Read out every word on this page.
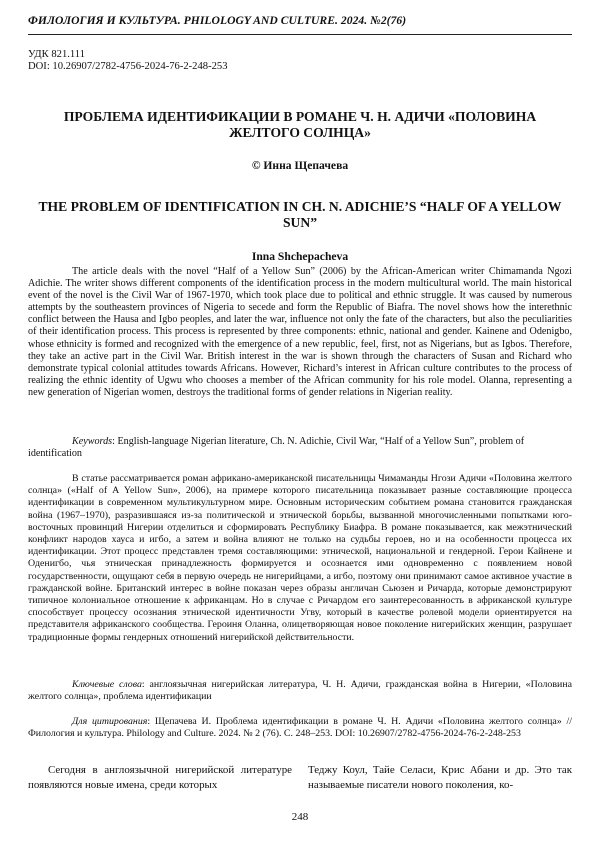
ФИЛОЛОГИЯ И КУЛЬТУРА. PHILOLOGY AND CULTURE. 2024. №2(76)
УДК 821.111
DOI: 10.26907/2782-4756-2024-76-2-248-253
ПРОБЛЕМА ИДЕНТИФИКАЦИИ В РОМАНЕ Ч. Н. АДИЧИ «ПОЛОВИНА ЖЕЛТОГО СОЛНЦА»
© Инна Щепачева
THE PROBLEM OF IDENTIFICATION IN CH. N. ADICHIE’S “HALF OF A YELLOW SUN”
Inna Shchepacheva

The article deals with the novel “Half of a Yellow Sun” (2006) by the African-American writer Chimamanda Ngozi Adichie. The writer shows different components of the identification process in the modern multicultural world. The main historical event of the novel is the Civil War of 1967-1970, which took place due to political and ethnic struggle. It was caused by numerous attempts by the southeastern provinces of Nigeria to secede and form the Republic of Biafra. The novel shows how the interethnic conflict between the Hausa and Igbo peoples, and later the war, influence not only the fate of the characters, but also the peculiarities of their identification process. This process is represented by three components: ethnic, national and gender. Kainene and Odenigbo, whose ethnicity is formed and recognized with the emergence of a new republic, feel, first, not as Nigerians, but as Igbos. Therefore, they take an active part in the Civil War. British interest in the war is shown through the characters of Susan and Richard who demonstrate typical colonial attitudes towards Africans. However, Richard’s interest in African culture contributes to the process of realizing the ethnic identity of Ugwu who chooses a member of the African community for his role model. Olanna, representing a new generation of Nigerian women, destroys the traditional forms of gender relations in Nigerian reality.

Keywords: English-language Nigerian literature, Ch. N. Adichie, Civil War, “Half of a Yellow Sun”, problem of identification

В статье рассматривается роман африкано-американской писательницы Чимаманды Нгози Адичи «Половина желтого солнца» («Half of A Yellow Sun», 2006), на примере которого писательница показывает разные составляющие процесса идентификации в современном мультикультурном мире. Основным историческим событием романа становится гражданская война (1967–1970), разразившаяся из-за политической и этнической борьбы, вызванной многочисленными попытками юго-восточных провинций Нигерии отделиться и сформировать Республику Биафра. В романе показывается, как межэтнический конфликт народов хауса и игбо, а затем и война влияют не только на судьбы героев, но и на особенности процесса их идентификации. Этот процесс представлен тремя составляющими: этнической, национальной и гендерной. Герои Кайнене и Оденигбо, чья этническая принадлежность формируется и осознается ими одновременно с появлением новой государственности, ощущают себя в первую очередь не нигерийцами, а игбо, поэтому они принимают самое активное участие в гражданской войне. Британский интерес в войне показан через образы англичан Сьюзен и Ричарда, которые демонстрируют типичное колониальное отношение к африканцам. Но в случае с Ричардом его заинтересованность в африканской культуре способствует процессу осознания этнической идентичности Угву, который в качестве ролевой модели ориентируется на представителя африканского сообщества. Героиня Оланна, олицетворяющая новое поколение нигерийских женщин, разрушает традиционные формы гендерных отношений нигерийской действительности.

Ключевые слова: англоязычная нигерийская литература, Ч. Н. Адичи, гражданская война в Нигерии, «Половина желтого солнца», проблема идентификации

Для цитирования: Щепачева И. Проблема идентификации в романе Ч. Н. Адичи «Половина желтого солнца» // Филология и культура. Philology and Culture. 2024. № 2 (76). С. 248–253. DOI: 10.26907/2782-4756-2024-76-2-248-253

Сегодня в англоязычной нигерийской литературе появляются новые имена, среди которых

Теджу Коул, Тайе Селаси, Крис Абани и др. Это так называемые писатели нового поколения, ко-

248
